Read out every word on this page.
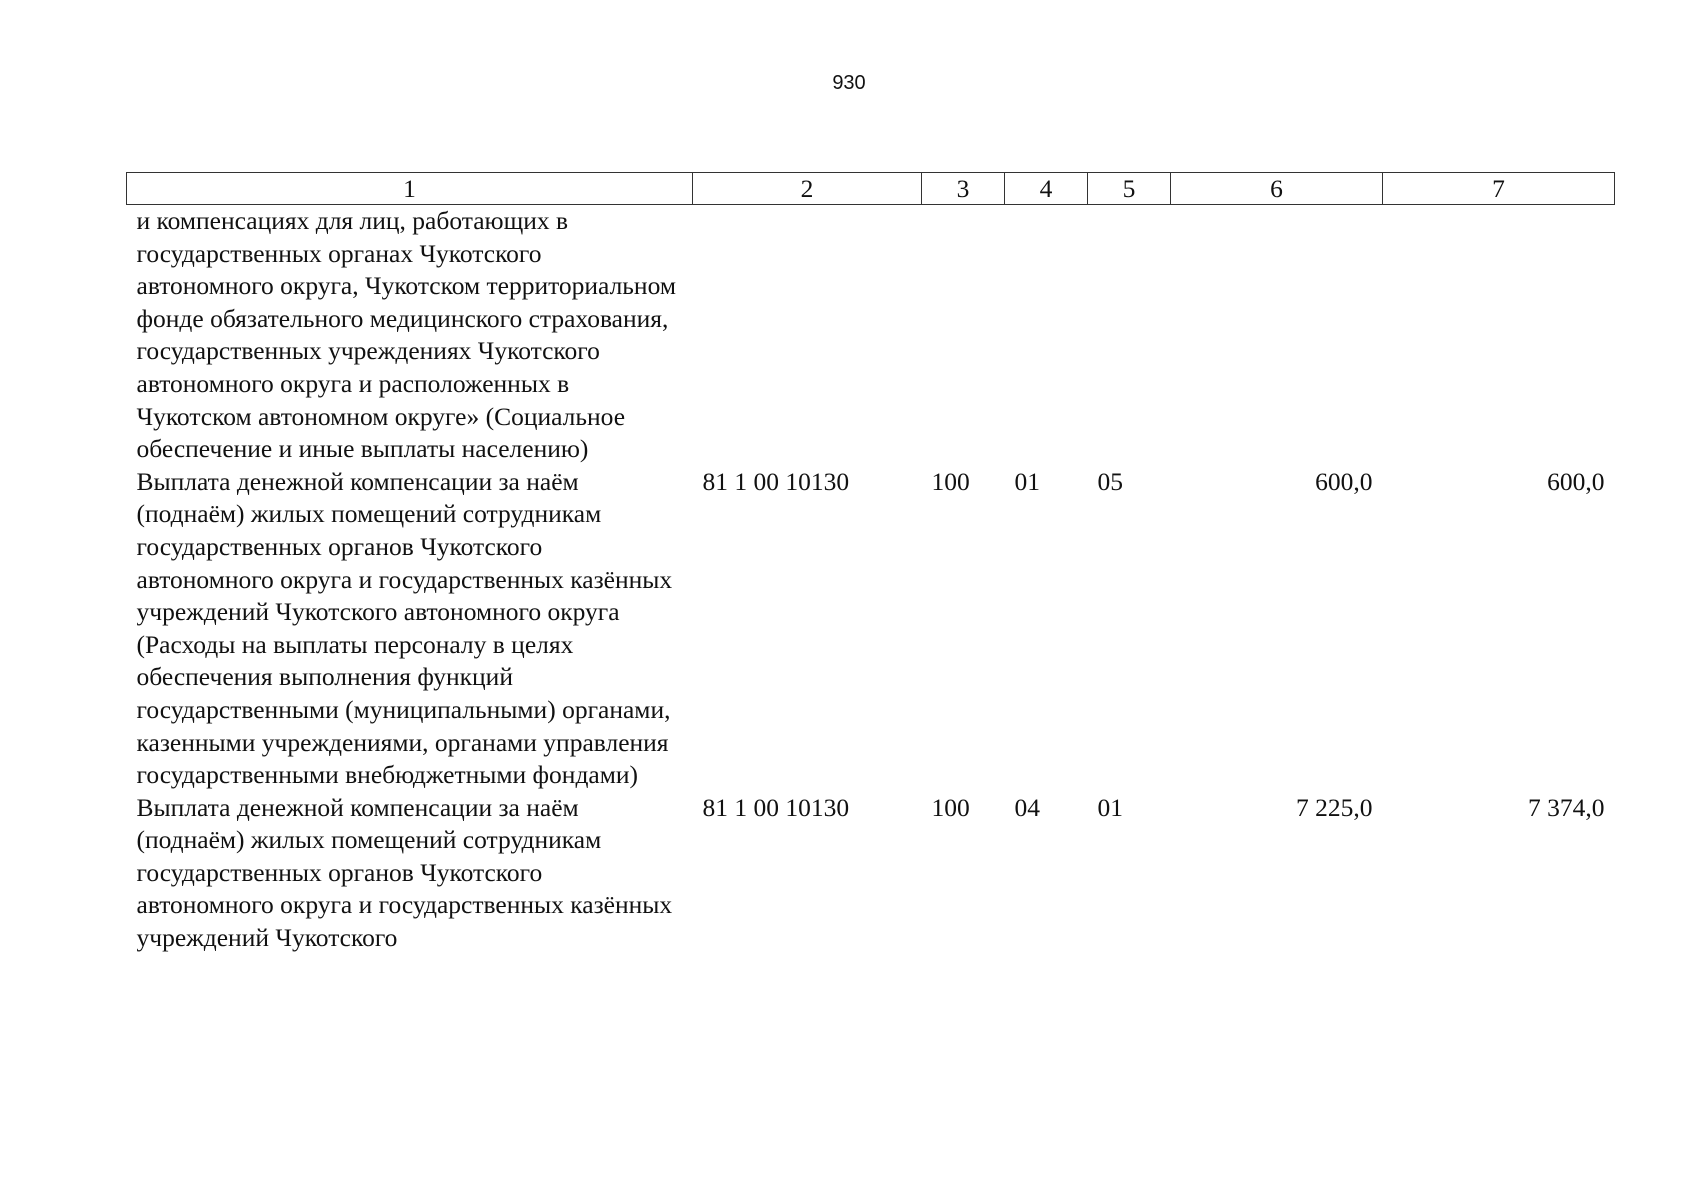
930
1	2	3	4	5	6	7
и компенсациях для лиц, работающих в государственных органах Чукотского автономного округа, Чукотском территориальном фонде обязательного медицинского страхования, государственных учреждениях Чукотского автономного округа и расположенных в Чукотском автономном округе» (Социальное обеспечение и иные выплаты населению)						
Выплата денежной компенсации за наём (поднаём) жилых помещений сотрудникам государственных органов Чукотского автономного округа и государственных казённых учреждений Чукотского автономного округа (Расходы на выплаты персоналу в целях обеспечения выполнения функций государственными (муниципальными) органами, казенными учреждениями, органами управления государственными внебюджетными фондами)	81 1 00 10130	100	01	05	600,0	600,0
Выплата денежной компенсации за наём (поднаём) жилых помещений сотрудникам государственных органов Чукотского автономного округа и государственных казённых учреждений Чукотского	81 1 00 10130	100	04	01	7 225,0	7 374,0
